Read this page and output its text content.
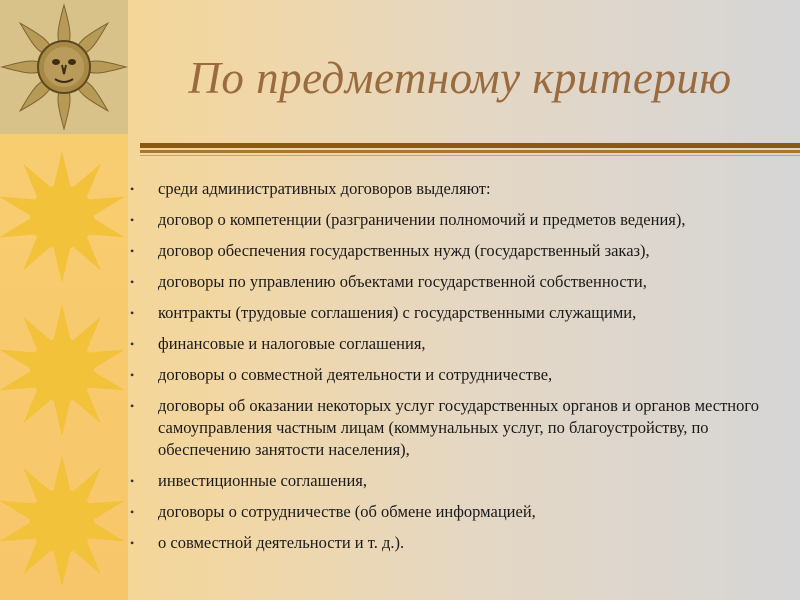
По предметному критерию
• среди административных договоров выделяют:
• договор о компетенции (разграничении полномочий и предметов ведения),
• договор обеспечения государственных нужд (государственный заказ),
• договоры по управлению объектами государственной собственности,
• контракты (трудовые соглашения) с государственными служащими,
• финансовые и налоговые соглашения,
• договоры о совместной деятельности и сотрудничестве,
• договоры об оказании некоторых услуг государственных органов и органов местного самоуправления частным лицам (коммунальных услуг, по благоустройству, по обеспечению занятости населения),
• инвестиционные соглашения,
• договоры о сотрудничестве (об обмене информацией,
• о совместной деятельности и т. д.).
